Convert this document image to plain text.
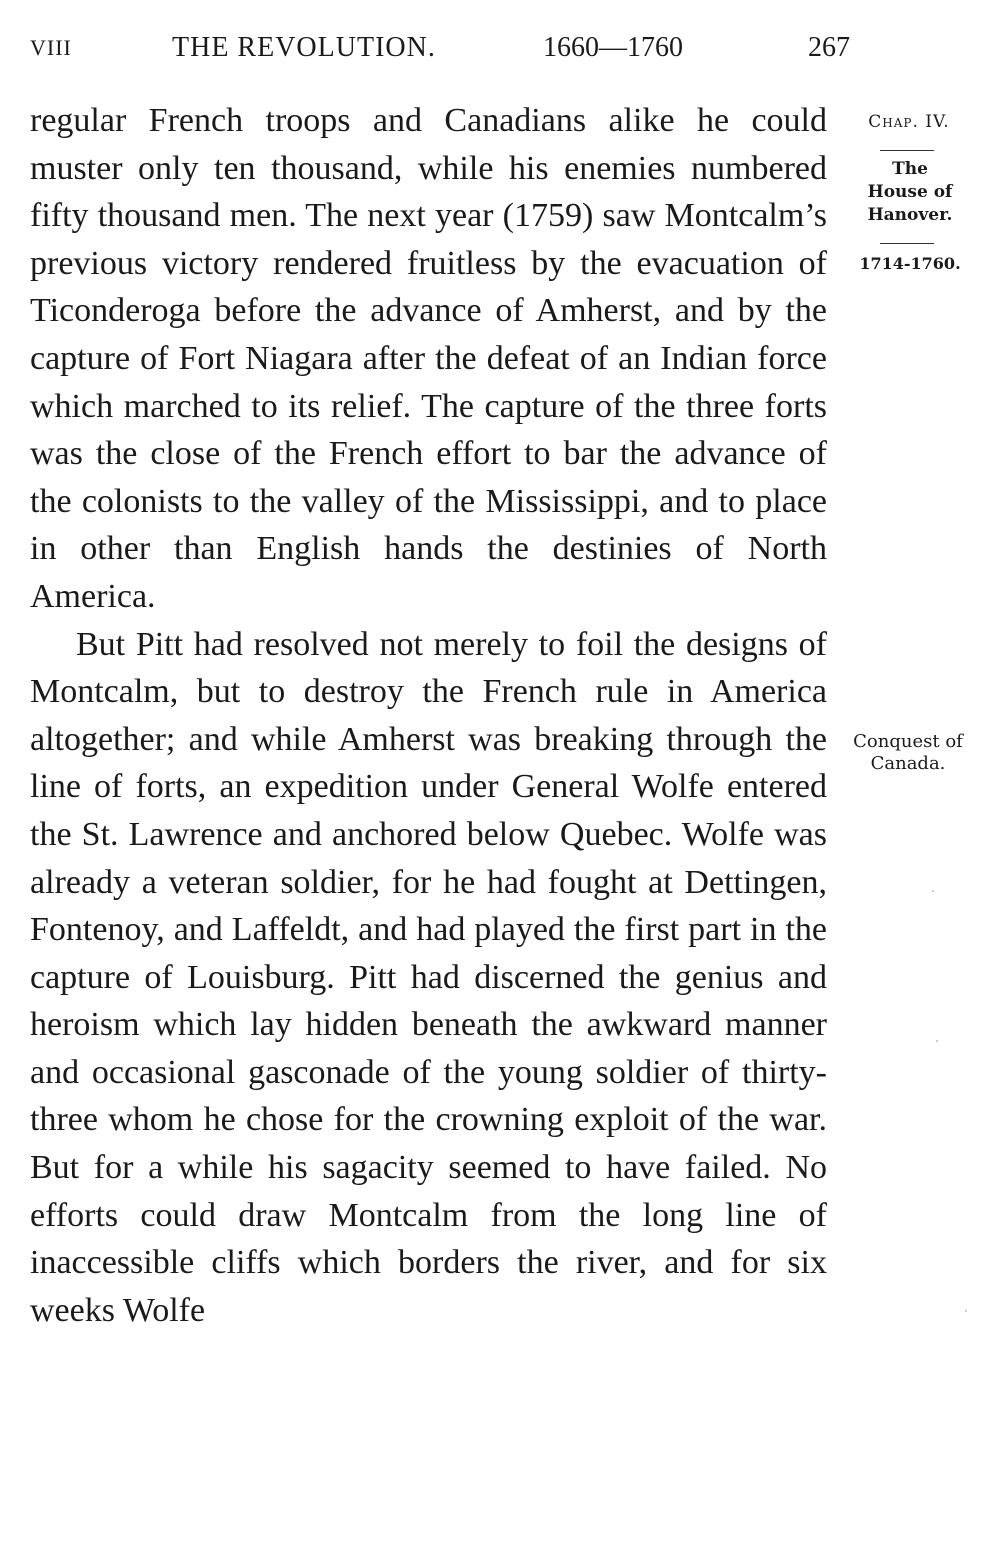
VIII	THE REVOLUTION.	1660—1760	267

regular French troops and Canadians alike he could muster only ten thousand, while his enemies numbered fifty thousand men. The next year (1759) saw Montcalm’s previous victory rendered fruitless by the evacuation of Ticonderoga before the advance of Amherst, and by the capture of Fort Niagara after the defeat of an Indian force which marched to its relief. The capture of the three forts was the close of the French effort to bar the advance of the colonists to the valley of the Mississippi, and to place in other than English hands the destinies of North America.

But Pitt had resolved not merely to foil the designs of Montcalm, but to destroy the French rule in America altogether; and while Amherst was breaking through the line of forts, an expedition under General Wolfe entered the St. Lawrence and anchored below Quebec. Wolfe was already a veteran soldier, for he had fought at Dettingen, Fontenoy, and Laffeldt, and had played the first part in the capture of Louisburg. Pitt had discerned the genius and heroism which lay hidden beneath the awkward manner and occasional gasconade of the young soldier of thirty-three whom he chose for the crowning exploit of the war. But for a while his sagacity seemed to have failed. No efforts could draw Montcalm from the long line of inaccessible cliffs which borders the river, and for six weeks Wolfe

Chap. IV.
The
House of
Hanover.
1714-1760.
Conquest of
Canada.
